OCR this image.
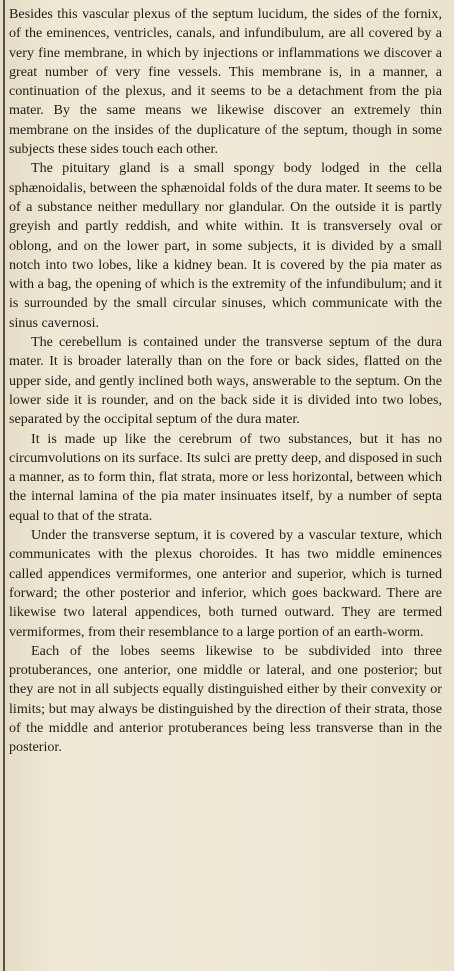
Besides this vascular plexus of the septum lucidum, the sides of the fornix, of the eminences, ventricles, canals, and infundibulum, are all covered by a very fine membrane, in which by injections or inflammations we discover a great number of very fine vessels. This membrane is, in a manner, a continuation of the plexus, and it seems to be a detachment from the pia mater. By the same means we likewise discover an extremely thin membrane on the insides of the duplicature of the septum, though in some subjects these sides touch each other.

The pituitary gland is a small spongy body lodged in the cella sphænoidalis, between the sphænoidal folds of the dura mater. It seems to be of a substance neither medullary nor glandular. On the outside it is partly greyish and partly reddish, and white within. It is transversely oval or oblong, and on the lower part, in some subjects, it is divided by a small notch into two lobes, like a kidney bean. It is covered by the pia mater as with a bag, the opening of which is the extremity of the infundibulum; and it is surrounded by the small circular sinuses, which communicate with the sinus cavernosi.

The cerebellum is contained under the transverse septum of the dura mater. It is broader laterally than on the fore or back sides, flatted on the upper side, and gently inclined both ways, answerable to the septum. On the lower side it is rounder, and on the back side it is divided into two lobes, separated by the occipital septum of the dura mater.

It is made up like the cerebrum of two substances, but it has no circumvolutions on its surface. Its sulci are pretty deep, and disposed in such a manner, as to form thin, flat strata, more or less horizontal, between which the internal lamina of the pia mater insinuates itself, by a number of septa equal to that of the strata.

Under the transverse septum, it is covered by a vascular texture, which communicates with the plexus choroides. It has two middle eminences called appendices vermiformes, one anterior and superior, which is turned forward; the other posterior and inferior, which goes backward. There are likewise two lateral appendices, both turned outward. They are termed vermiformes, from their resemblance to a large portion of an earth-worm.

Each of the lobes seems likewise to be subdivided into three protuberances, one anterior, one middle or lateral, and one posterior; but they are not in all subjects equally distinguished either by their convexity or limits; but may always be distinguished by the direction of their strata, those of the middle and anterior protuberances being less transverse than in the posterior.
